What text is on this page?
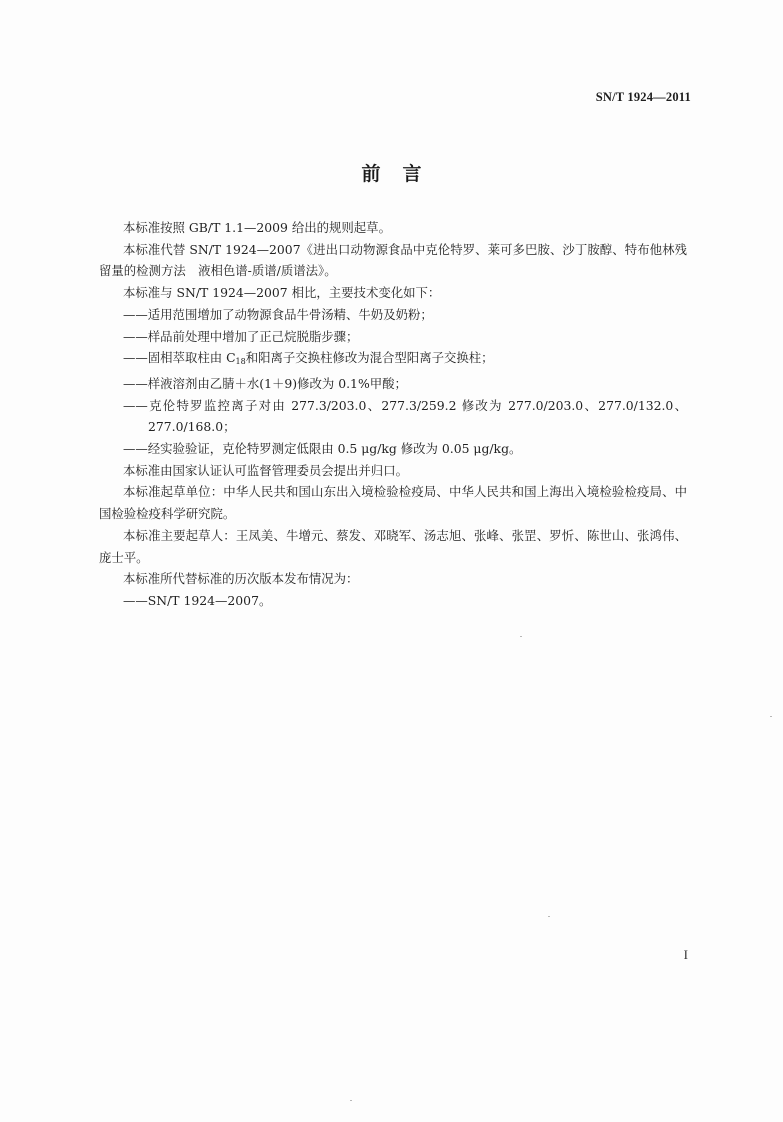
SN/T 1924—2011
前言

本标准按照 GB/T 1.1—2009 给出的规则起草。

本标准代替 SN/T 1924—2007《进出口动物源食品中克伦特罗、莱可多巴胺、沙丁胺醇、特布他林残留量的检测方法　液相色谱-质谱/质谱法》。

本标准与 SN/T 1924—2007 相比，主要技术变化如下：

——适用范围增加了动物源食品牛骨汤精、牛奶及奶粉；

——样品前处理中增加了正己烷脱脂步骤；

——固相萃取柱由 $C_{18}$和阳离子交换柱修改为混合型阳离子交换柱；

——样液溶剂由乙腈＋水(1＋9)修改为 0.1%甲酸；

——克伦特罗监控离子对由 277.3/203.0、277.3/259.2 修改为 277.0/203.0、277.0/132.0、277.0/168.0；

——经实验验证，克伦特罗测定低限由 0.5 μg/kg 修改为 0.05 μg/kg。

本标准由国家认证认可监督管理委员会提出并归口。

本标准起草单位：中华人民共和国山东出入境检验检疫局、中华人民共和国上海出入境检验检疫局、中国检验检疫科学研究院。

本标准主要起草人：王凤美、牛增元、蔡发、邓晓军、汤志旭、张峰、张罡、罗忻、陈世山、张鸿伟、庞士平。

本标准所代替标准的历次版本发布情况为：

——SN/T 1924—2007。

I
